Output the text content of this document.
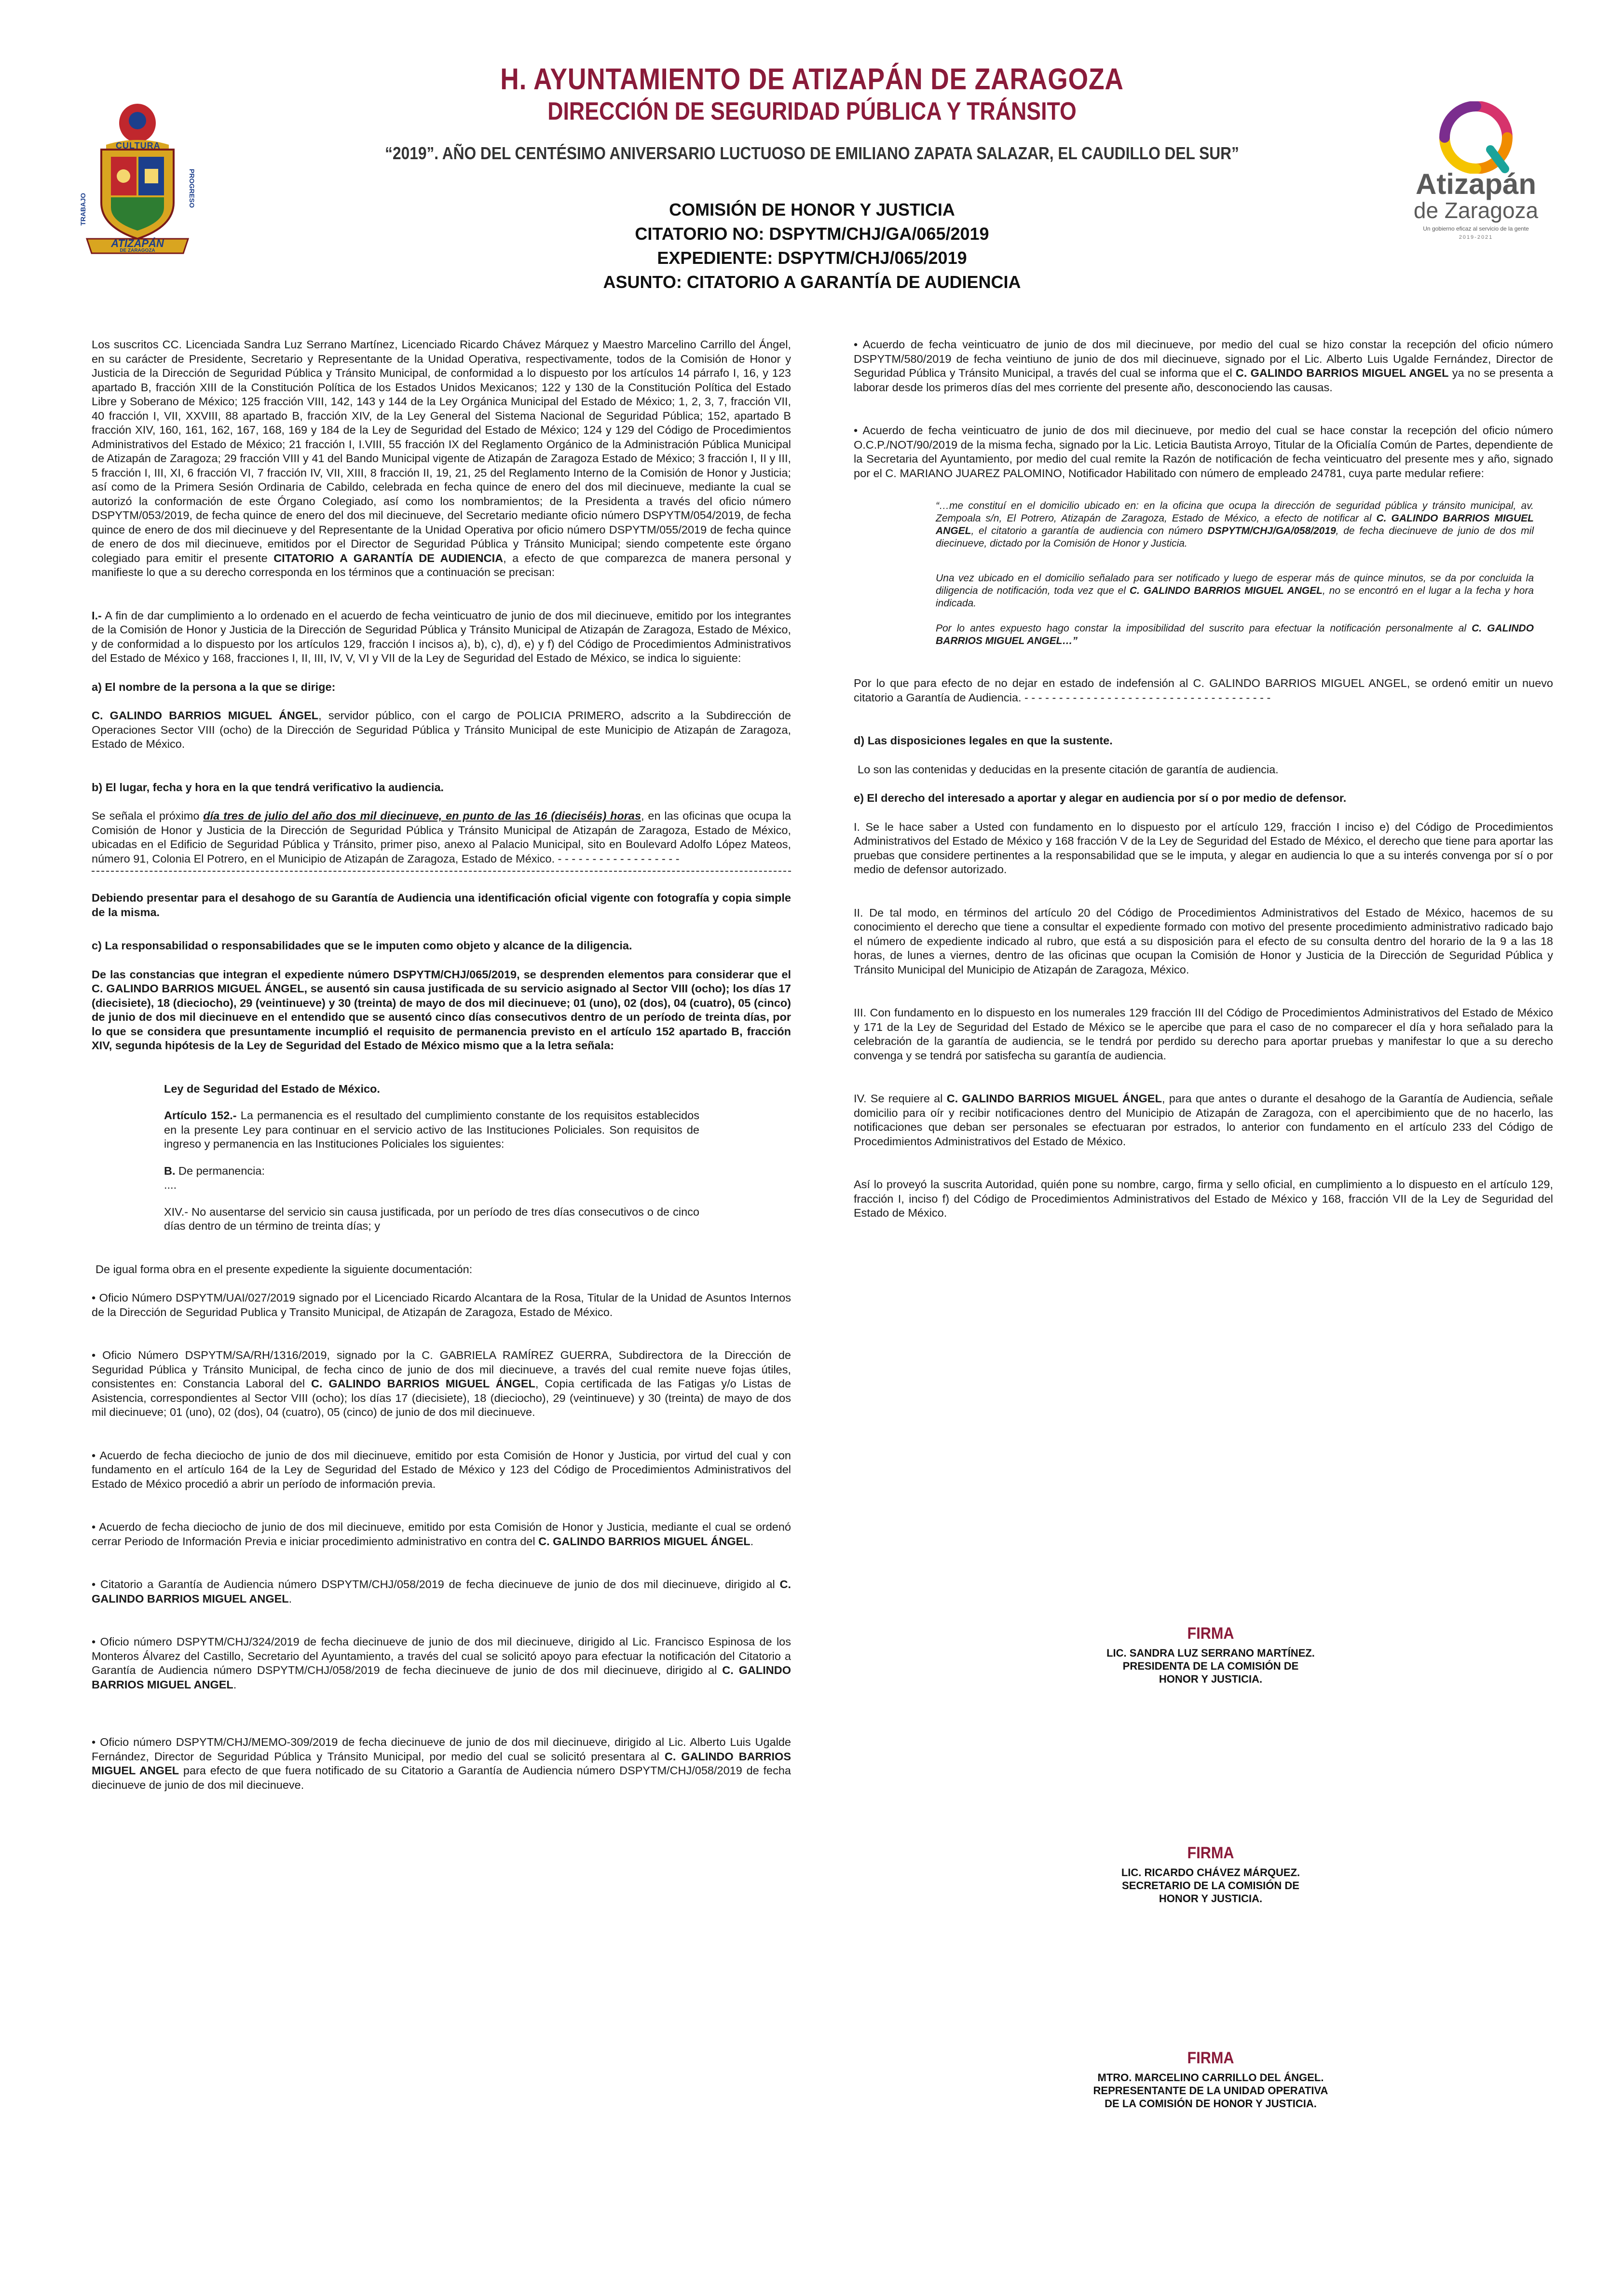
H. AYUNTAMIENTO DE ATIZAPÁN DE ZARAGOZA
DIRECCIÓN DE SEGURIDAD PÚBLICA Y TRÁNSITO
“2019”. AÑO DEL CENTÉSIMO ANIVERSARIO LUCTUOSO DE EMILIANO ZAPATA SALAZAR, EL CAUDILLO DEL SUR”
COMISIÓN DE HONOR Y JUSTICIA
CITATORIO NO: DSPYTM/CHJ/GA/065/2019
EXPEDIENTE: DSPYTM/CHJ/065/2019
ASUNTO: CITATORIO A GARANTÍA DE AUDIENCIA
CULTURA
TRABAJO
PROGRESO
ATIZAPÁN
DE ZARAGOZA
Atizapán
de Zaragoza
Un gobierno eficaz al servicio de la gente
2019-2021

Los suscritos CC. Licenciada Sandra Luz Serrano Martínez, Licenciado Ricardo Chávez Márquez y Maestro Marcelino Carrillo del Ángel, en su carácter de Presidente, Secretario y Representante de la Unidad Operativa, respectivamente, todos de la Comisión de Honor y Justicia de la Dirección de Seguridad Pública y Tránsito Municipal, de conformidad a lo dispuesto por los artículos 14 párrafo I, 16, y 123 apartado B, fracción XIII de la Constitución Política de los Estados Unidos Mexicanos; 122 y 130 de la Constitución Política del Estado Libre y Soberano de México; 125 fracción VIII, 142, 143 y 144 de la Ley Orgánica Municipal del Estado de México; 1, 2, 3, 7, fracción VII, 40 fracción I, VII, XXVIII, 88 apartado B, fracción XIV, de la Ley General del Sistema Nacional de Seguridad Pública; 152, apartado B fracción XIV, 160, 161, 162, 167, 168, 169 y 184 de la Ley de Seguridad del Estado de México; 124 y 129 del Código de Procedimientos Administrativos del Estado de México; 21 fracción I, I.VIII, 55 fracción IX del Reglamento Orgánico de la Administración Pública Municipal de Atizapán de Zaragoza; 29 fracción VIII y 41 del Bando Municipal vigente de Atizapán de Zaragoza Estado de México; 3 fracción I, II y III, 5 fracción I, III, XI, 6 fracción VI, 7 fracción IV, VII, XIII, 8 fracción II, 19, 21, 25 del Reglamento Interno de la Comisión de Honor y Justicia; así como de la Primera Sesión Ordinaria de Cabildo, celebrada en fecha quince de enero del dos mil diecinueve, mediante la cual se autorizó la conformación de este Órgano Colegiado, así como los nombramientos; de la Presidenta a través del oficio número DSPYTM/053/2019, de fecha quince de enero del dos mil diecinueve, del Secretario mediante oficio número DSPYTM/054/2019, de fecha quince de enero de dos mil diecinueve y del Representante de la Unidad Operativa por oficio número DSPYTM/055/2019 de fecha quince de enero de dos mil diecinueve, emitidos por el Director de Seguridad Pública y Tránsito Municipal; siendo competente este órgano colegiado para emitir el presente CITATORIO A GARANTÍA DE AUDIENCIA, a efecto de que comparezca de manera personal y manifieste lo que a su derecho corresponda en los términos que a continuación se precisan:

I.- A fin de dar cumplimiento a lo ordenado en el acuerdo de fecha veinticuatro de junio de dos mil diecinueve, emitido por los integrantes de la Comisión de Honor y Justicia de la Dirección de Seguridad Pública y Tránsito Municipal de Atizapán de Zaragoza, Estado de México, y de conformidad a lo dispuesto por los artículos 129, fracción I incisos a), b), c), d), e) y f) del Código de Procedimientos Administrativos del Estado de México y 168, fracciones I, II, III, IV, V, VI y VII de la Ley de Seguridad del Estado de México, se indica lo siguiente:

a) El nombre de la persona a la que se dirige:

C. GALINDO BARRIOS MIGUEL ÁNGEL, servidor público, con el cargo de POLICIA PRIMERO, adscrito a la Subdirección de Operaciones Sector VIII (ocho) de la Dirección de Seguridad Pública y Tránsito Municipal de este Municipio de Atizapán de Zaragoza, Estado de México.

b) El lugar, fecha y hora en la que tendrá verificativo la audiencia.

Se señala el próximo día tres de julio del año dos mil diecinueve, en punto de las 16 (dieciséis) horas, en las oficinas que ocupa la Comisión de Honor y Justicia de la Dirección de Seguridad Pública y Tránsito Municipal de Atizapán de Zaragoza, Estado de México, ubicadas en el Edificio de Seguridad Pública y Tránsito, primer piso, anexo al Palacio Municipal, sito en Boulevard Adolfo López Mateos, número 91, Colonia El Potrero, en el Municipio de Atizapán de Zaragoza, Estado de México. - - - - - - - - - - - - - - - - - -

Debiendo presentar para el desahogo de su Garantía de Audiencia una identificación oficial vigente con fotografía y copia simple de la misma.

c) La responsabilidad o responsabilidades que se le imputen como objeto y alcance de la diligencia.

De las constancias que integran el expediente número DSPYTM/CHJ/065/2019, se desprenden elementos para considerar que el C. GALINDO BARRIOS MIGUEL ÁNGEL, se ausentó sin causa justificada de su servicio asignado al Sector VIII (ocho); los días 17 (diecisiete), 18 (dieciocho), 29 (veintinueve) y 30 (treinta) de mayo de dos mil diecinueve; 01 (uno), 02 (dos), 04 (cuatro), 05 (cinco) de junio de dos mil diecinueve en el entendido que se ausentó cinco días consecutivos dentro de un período de treinta días, por lo que se considera que presuntamente incumplió el requisito de permanencia previsto en el artículo 152 apartado B, fracción XIV, segunda hipótesis de la Ley de Seguridad del Estado de México mismo que a la letra señala:

Ley de Seguridad del Estado de México.

Artículo 152.- La permanencia es el resultado del cumplimiento constante de los requisitos establecidos en la presente Ley para continuar en el servicio activo de las Instituciones Policiales. Son requisitos de ingreso y permanencia en las Instituciones Policiales los siguientes:

B. De permanencia:

....

XIV.- No ausentarse del servicio sin causa justificada, por un período de tres días consecutivos o de cinco días dentro de un término de treinta días; y

De igual forma obra en el presente expediente la siguiente documentación:

• Oficio Número DSPYTM/UAI/027/2019 signado por el Licenciado Ricardo Alcantara de la Rosa, Titular de la Unidad de Asuntos Internos de la Dirección de Seguridad Publica y Transito Municipal, de Atizapán de Zaragoza, Estado de México.

• Oficio Número DSPYTM/SA/RH/1316/2019, signado por la C. GABRIELA RAMÍREZ GUERRA, Subdirectora de la Dirección de Seguridad Pública y Tránsito Municipal, de fecha cinco de junio de dos mil diecinueve, a través del cual remite nueve fojas útiles, consistentes en: Constancia Laboral del C. GALINDO BARRIOS MIGUEL ÁNGEL, Copia certificada de las Fatigas y/o Listas de Asistencia, correspondientes al Sector VIII (ocho); los días 17 (diecisiete), 18 (dieciocho), 29 (veintinueve) y 30 (treinta) de mayo de dos mil diecinueve; 01 (uno), 02 (dos), 04 (cuatro), 05 (cinco) de junio de dos mil diecinueve.

• Acuerdo de fecha dieciocho de junio de dos mil diecinueve, emitido por esta Comisión de Honor y Justicia, por virtud del cual y con fundamento en el artículo 164 de la Ley de Seguridad del Estado de México y 123 del Código de Procedimientos Administrativos del Estado de México procedió a abrir un período de información previa.

• Acuerdo de fecha dieciocho de junio de dos mil diecinueve, emitido por esta Comisión de Honor y Justicia, mediante el cual se ordenó cerrar Periodo de Información Previa e iniciar procedimiento administrativo en contra del C. GALINDO BARRIOS MIGUEL ÁNGEL.

• Citatorio a Garantía de Audiencia número DSPYTM/CHJ/058/2019 de fecha diecinueve de junio de dos mil diecinueve, dirigido al C. GALINDO BARRIOS MIGUEL ANGEL.

• Oficio número DSPYTM/CHJ/324/2019 de fecha diecinueve de junio de dos mil diecinueve, dirigido al Lic. Francisco Espinosa de los Monteros Álvarez del Castillo, Secretario del Ayuntamiento, a través del cual se solicitó apoyo para efectuar la notificación del Citatorio a Garantía de Audiencia número DSPYTM/CHJ/058/2019 de fecha diecinueve de junio de dos mil diecinueve, dirigido al C. GALINDO BARRIOS MIGUEL ANGEL.

• Oficio número DSPYTM/CHJ/MEMO-309/2019 de fecha diecinueve de junio de dos mil diecinueve, dirigido al Lic. Alberto Luis Ugalde Fernández, Director de Seguridad Pública y Tránsito Municipal, por medio del cual se solicitó presentara al C. GALINDO BARRIOS MIGUEL ANGEL para efecto de que fuera notificado de su Citatorio a Garantía de Audiencia número DSPYTM/CHJ/058/2019 de fecha diecinueve de junio de dos mil diecinueve.

• Acuerdo de fecha veinticuatro de junio de dos mil diecinueve, por medio del cual se hizo constar la recepción del oficio número DSPYTM/580/2019 de fecha veintiuno de junio de dos mil diecinueve, signado por el Lic. Alberto Luis Ugalde Fernández, Director de Seguridad Pública y Tránsito Municipal, a través del cual se informa que el C. GALINDO BARRIOS MIGUEL ANGEL ya no se presenta a laborar desde los primeros días del mes corriente del presente año, desconociendo las causas.

• Acuerdo de fecha veinticuatro de junio de dos mil diecinueve, por medio del cual se hace constar la recepción del oficio número O.C.P./NOT/90/2019 de la misma fecha, signado por la Lic. Leticia Bautista Arroyo, Titular de la Oficialía Común de Partes, dependiente de la Secretaria del Ayuntamiento, por medio del cual remite la Razón de notificación de fecha veinticuatro del presente mes y año, signado por el C. MARIANO JUAREZ PALOMINO, Notificador Habilitado con número de empleado 24781, cuya parte medular refiere:

“…me constituí en el domicilio ubicado en: en la oficina que ocupa la dirección de seguridad pública y tránsito municipal, av. Zempoala s/n, El Potrero, Atizapán de Zaragoza, Estado de México, a efecto de notificar al C. GALINDO BARRIOS MIGUEL ANGEL, el citatorio a garantía de audiencia con número DSPYTM/CHJ/GA/058/2019, de fecha diecinueve de junio de dos mil diecinueve, dictado por la Comisión de Honor y Justicia.

Una vez ubicado en el domicilio señalado para ser notificado y luego de esperar más de quince minutos, se da por concluida la diligencia de notificación, toda vez que el C. GALINDO BARRIOS MIGUEL ANGEL, no se encontró en el lugar a la fecha y hora indicada.

Por lo antes expuesto hago constar la imposibilidad del suscrito para efectuar la notificación personalmente al C. GALINDO BARRIOS MIGUEL ANGEL…”

Por lo que para efecto de no dejar en estado de indefensión al C. GALINDO BARRIOS MIGUEL ANGEL, se ordenó emitir un nuevo citatorio a Garantía de Audiencia. - - - - - - - - - - - - - - - - - - - - - - - - - - - - - - - - - - - -

d) Las disposiciones legales en que la sustente.

Lo son las contenidas y deducidas en la presente citación de garantía de audiencia.

e) El derecho del interesado a aportar y alegar en audiencia por sí o por medio de defensor.

I. Se le hace saber a Usted con fundamento en lo dispuesto por el artículo 129, fracción I inciso e) del Código de Procedimientos Administrativos del Estado de México y 168 fracción V de la Ley de Seguridad del Estado de México, el derecho que tiene para aportar las pruebas que considere pertinentes a la responsabilidad que se le imputa, y alegar en audiencia lo que a su interés convenga por sí o por medio de defensor autorizado.

II. De tal modo, en términos del artículo 20 del Código de Procedimientos Administrativos del Estado de México, hacemos de su conocimiento el derecho que tiene a consultar el expediente formado con motivo del presente procedimiento administrativo radicado bajo el número de expediente indicado al rubro, que está a su disposición para el efecto de su consulta dentro del horario de la 9 a las 18 horas, de lunes a viernes, dentro de las oficinas que ocupan la Comisión de Honor y Justicia de la Dirección de Seguridad Pública y Tránsito Municipal del Municipio de Atizapán de Zaragoza, México.

III. Con fundamento en lo dispuesto en los numerales 129 fracción III del Código de Procedimientos Administrativos del Estado de México y 171 de la Ley de Seguridad del Estado de México se le apercibe que para el caso de no comparecer el día y hora señalado para la celebración de la garantía de audiencia, se le tendrá por perdido su derecho para aportar pruebas y manifestar lo que a su derecho convenga y se tendrá por satisfecha su garantía de audiencia.

IV. Se requiere al C. GALINDO BARRIOS MIGUEL ÁNGEL, para que antes o durante el desahogo de la Garantía de Audiencia, señale domicilio para oír y recibir notificaciones dentro del Municipio de Atizapán de Zaragoza, con el apercibimiento que de no hacerlo, las notificaciones que deban ser personales se efectuaran por estrados, lo anterior con fundamento en el artículo 233 del Código de Procedimientos Administrativos del Estado de México.

Así lo proveyó la suscrita Autoridad, quién pone su nombre, cargo, firma y sello oficial, en cumplimiento a lo dispuesto en el artículo 129, fracción I, inciso f) del Código de Procedimientos Administrativos del Estado de México y 168, fracción VII de la Ley de Seguridad del Estado de México.

FIRMA
LIC. SANDRA LUZ SERRANO MARTÍNEZ.
PRESIDENTA DE LA COMISIÓN DE
HONOR Y JUSTICIA.
FIRMA
LIC. RICARDO CHÁVEZ MÁRQUEZ.
SECRETARIO DE LA COMISIÓN DE
HONOR Y JUSTICIA.
FIRMA
MTRO. MARCELINO CARRILLO DEL ÁNGEL.
REPRESENTANTE DE LA UNIDAD OPERATIVA
DE LA COMISIÓN DE HONOR Y JUSTICIA.
